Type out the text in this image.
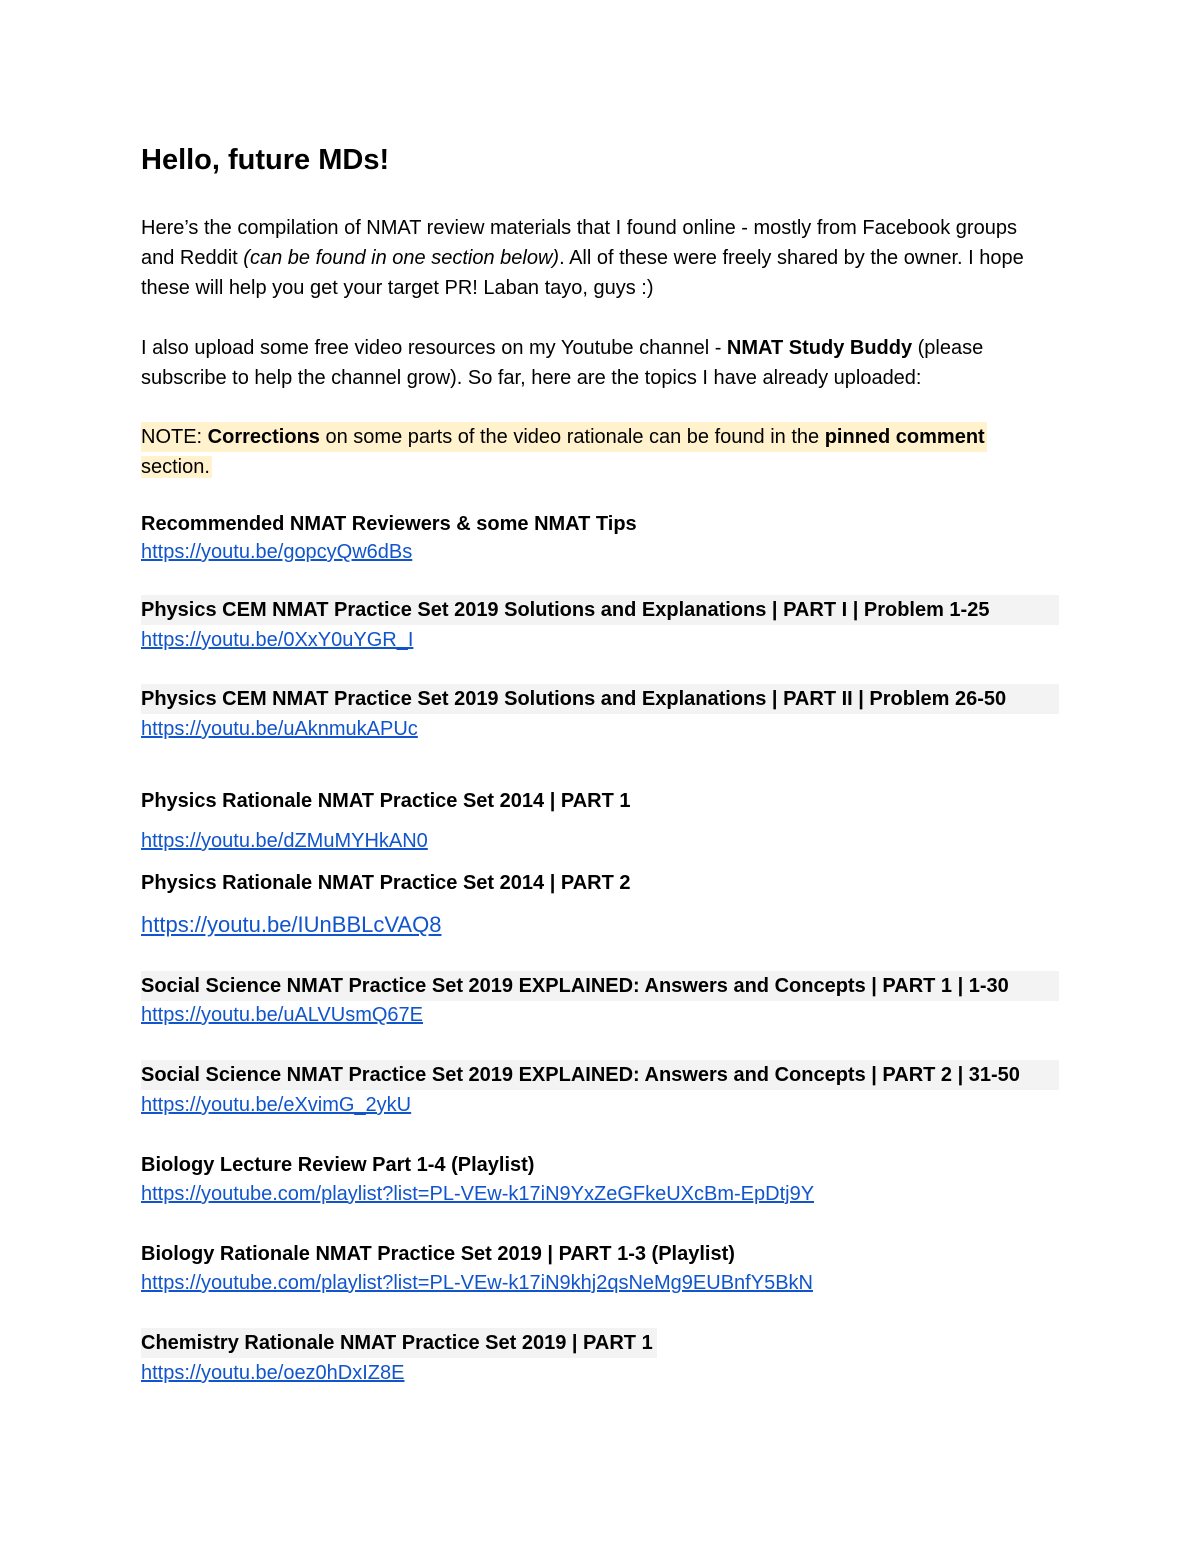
Hello, future MDs!

Here’s the compilation of NMAT review materials that I found online - mostly from Facebook groups and Reddit (can be found in one section below). All of these were freely shared by the owner. I hope these will help you get your target PR! Laban tayo, guys :)

I also upload some free video resources on my Youtube channel - NMAT Study Buddy (please subscribe to help the channel grow). So far, here are the topics I have already uploaded:

NOTE: Corrections on some parts of the video rationale can be found in the pinned comment
section.
Recommended NMAT Reviewers & some NMAT Tips
https://youtu.be/gopcyQw6dBs
Physics CEM NMAT Practice Set 2019 Solutions and Explanations | PART I | Problem 1-25
https://youtu.be/0XxY0uYGR_I
Physics CEM NMAT Practice Set 2019 Solutions and Explanations | PART II | Problem 26-50
https://youtu.be/uAknmukAPUc
Physics Rationale NMAT Practice Set 2014 | PART 1
https://youtu.be/dZMuMYHkAN0
Physics Rationale NMAT Practice Set 2014 | PART 2
https://youtu.be/IUnBBLcVAQ8
Social Science NMAT Practice Set 2019 EXPLAINED: Answers and Concepts | PART 1 | 1-30
https://youtu.be/uALVUsmQ67E
Social Science NMAT Practice Set 2019 EXPLAINED: Answers and Concepts | PART 2 | 31-50
https://youtu.be/eXvimG_2ykU
Biology Lecture Review Part 1-4 (Playlist)
https://youtube.com/playlist?list=PL-VEw-k17iN9YxZeGFkeUXcBm-EpDtj9Y
Biology Rationale NMAT Practice Set 2019 | PART 1-3 (Playlist)
https://youtube.com/playlist?list=PL-VEw-k17iN9khj2qsNeMg9EUBnfY5BkN
Chemistry Rationale NMAT Practice Set 2019 | PART 1
https://youtu.be/oez0hDxIZ8E
